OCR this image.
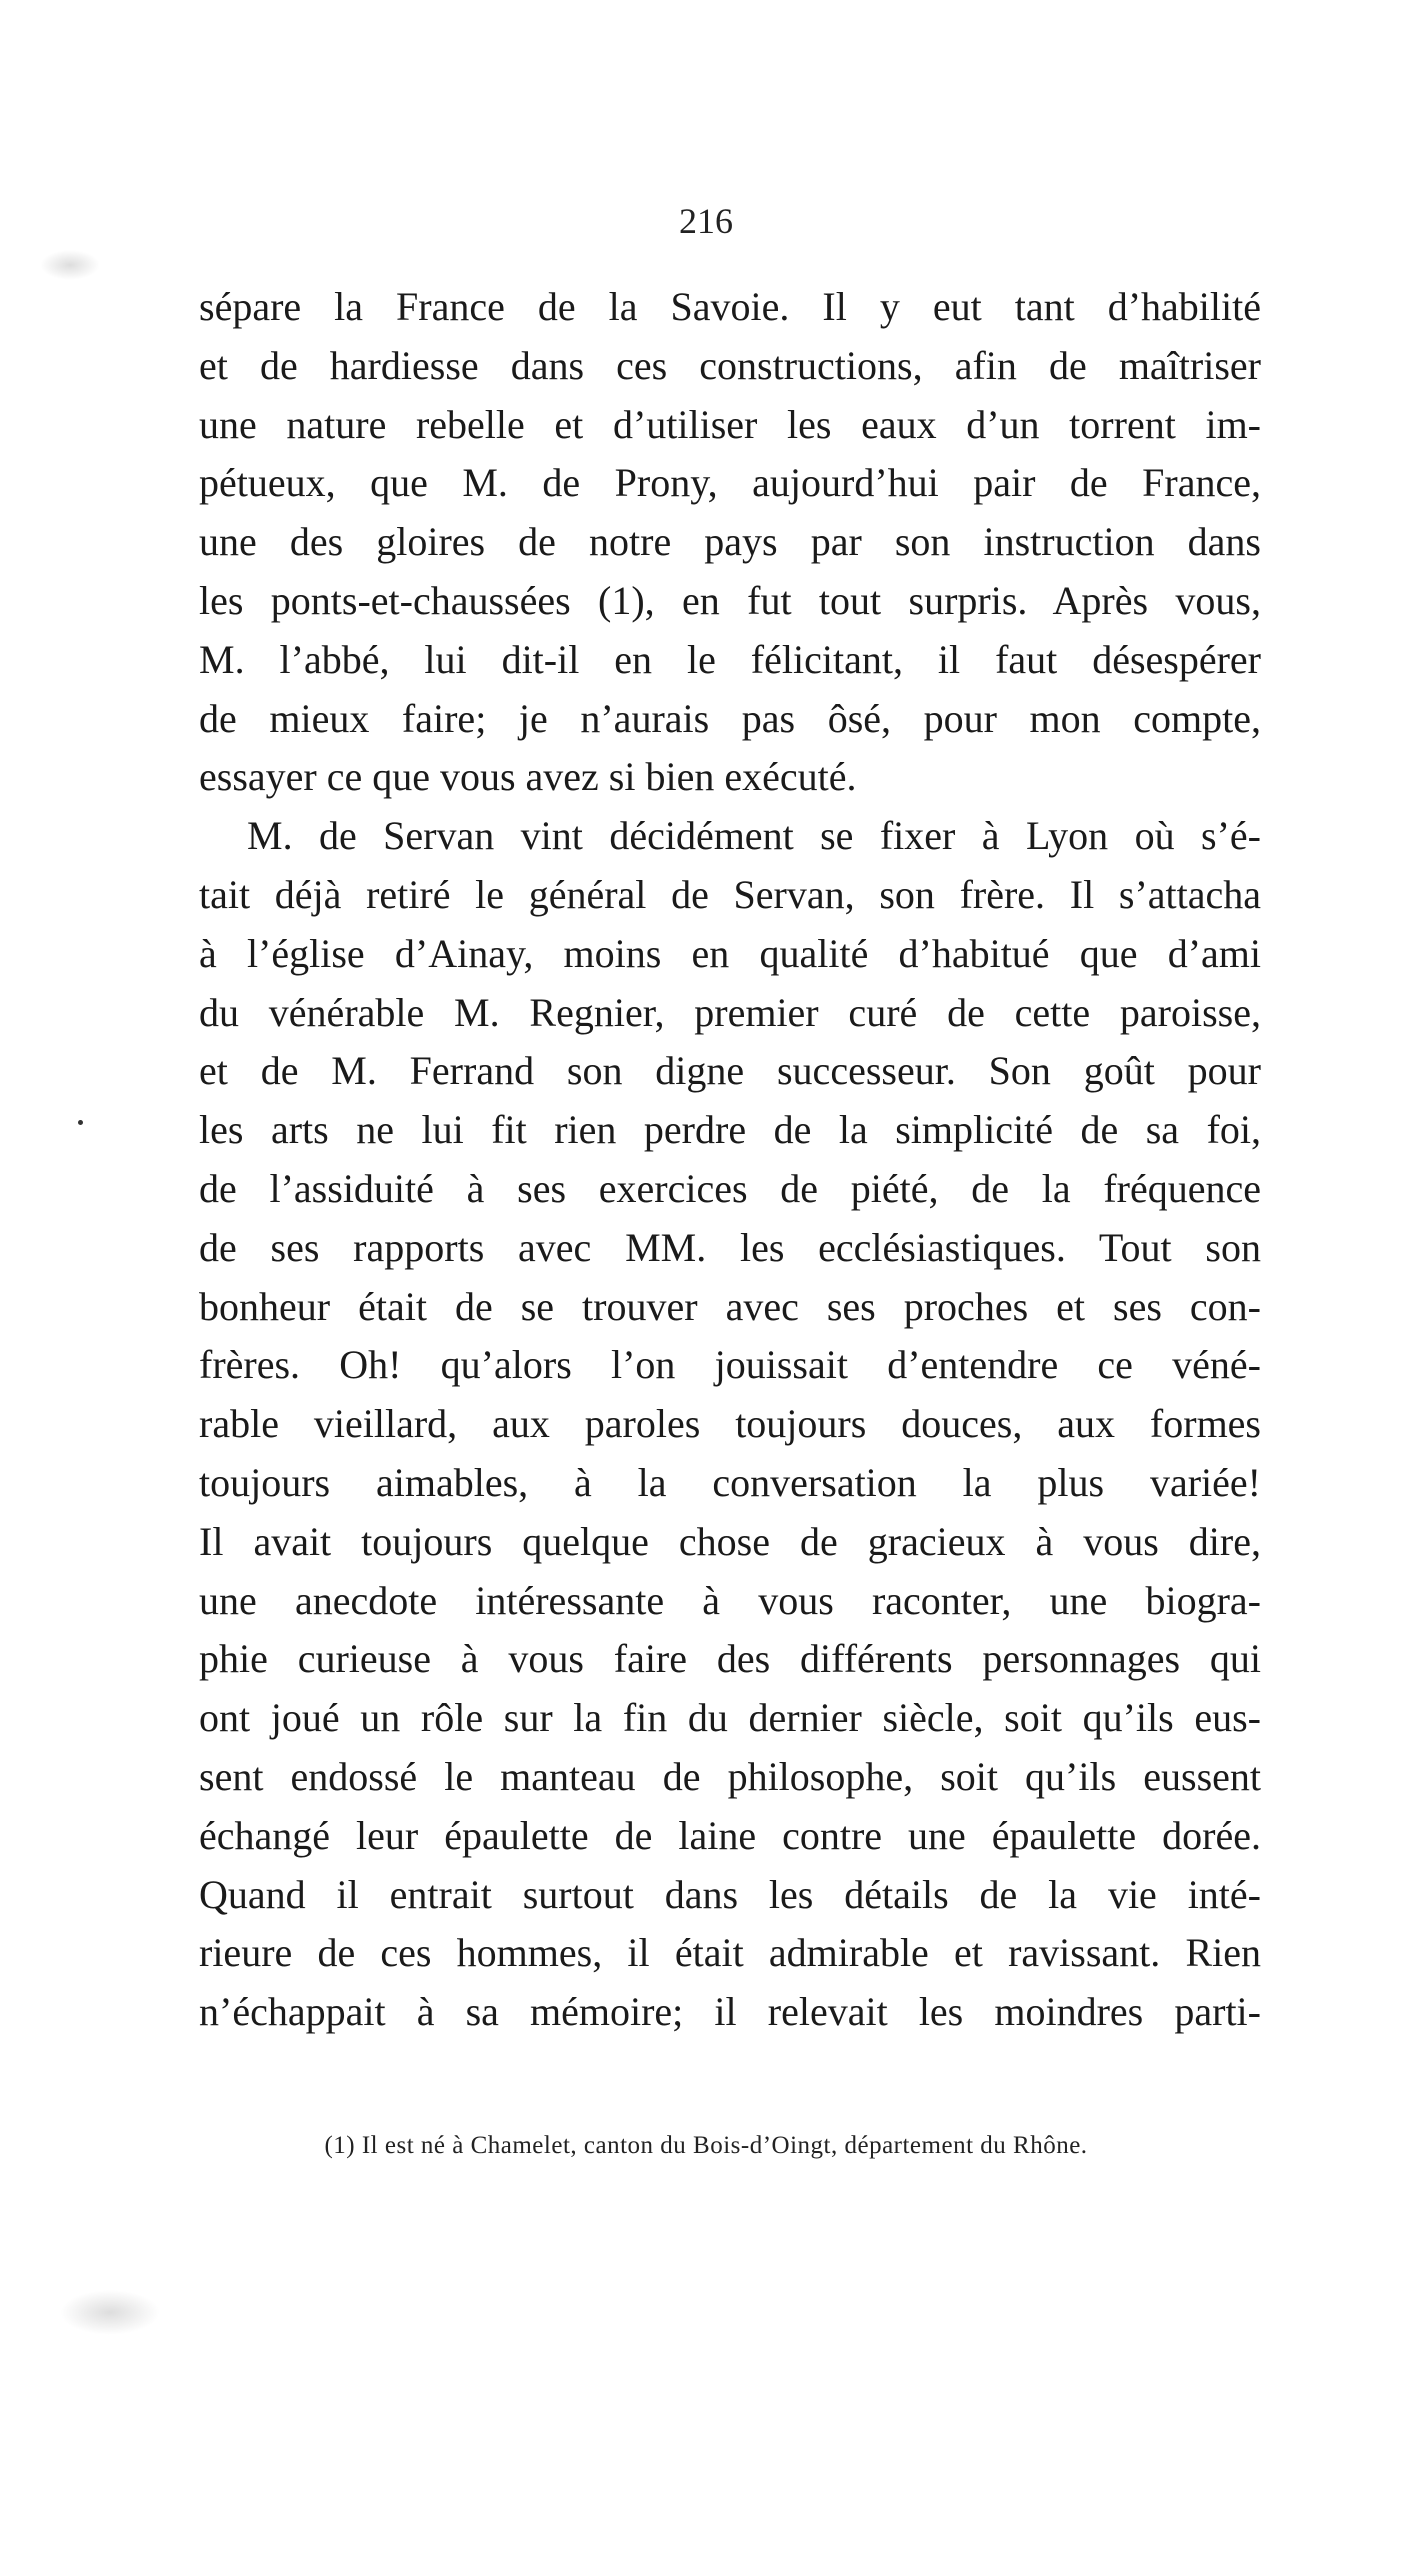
216
sépare la France de la Savoie. Il y eut tant d’habilité
et de hardiesse dans ces constructions, afin de maîtriser
une nature rebelle et d’utiliser les eaux d’un torrent im-
pétueux, que M. de Prony, aujourd’hui pair de France,
une des gloires de notre pays par son instruction dans
les ponts-et-chaussées (1), en fut tout surpris. Après vous,
M. l’abbé, lui dit-il en le félicitant, il faut désespérer
de mieux faire; je n’aurais pas ôsé, pour mon compte,
essayer ce que vous avez si bien exécuté.
M. de Servan vint décidément se fixer à Lyon où s’é-
tait déjà retiré le général de Servan, son frère. Il s’attacha
à l’église d’Ainay, moins en qualité d’habitué que d’ami
du vénérable M. Regnier, premier curé de cette paroisse,
et de M. Ferrand son digne successeur. Son goût pour
les arts ne lui fit rien perdre de la simplicité de sa foi,
de l’assiduité à ses exercices de piété, de la fréquence
de ses rapports avec MM. les ecclésiastiques. Tout son
bonheur était de se trouver avec ses proches et ses con-
frères. Oh! qu’alors l’on jouissait d’entendre ce véné-
rable vieillard, aux paroles toujours douces, aux formes
toujours aimables, à la conversation la plus variée!
Il avait toujours quelque chose de gracieux à vous dire,
une anecdote intéressante à vous raconter, une biogra-
phie curieuse à vous faire des différents personnages qui
ont joué un rôle sur la fin du dernier siècle, soit qu’ils eus-
sent endossé le manteau de philosophe, soit qu’ils eussent
échangé leur épaulette de laine contre une épaulette dorée.
Quand il entrait surtout dans les détails de la vie inté-
rieure de ces hommes, il était admirable et ravissant. Rien
n’échappait à sa mémoire; il relevait les moindres parti-
(1) Il est né à Chamelet, canton du Bois-d’Oingt, département du Rhône.
